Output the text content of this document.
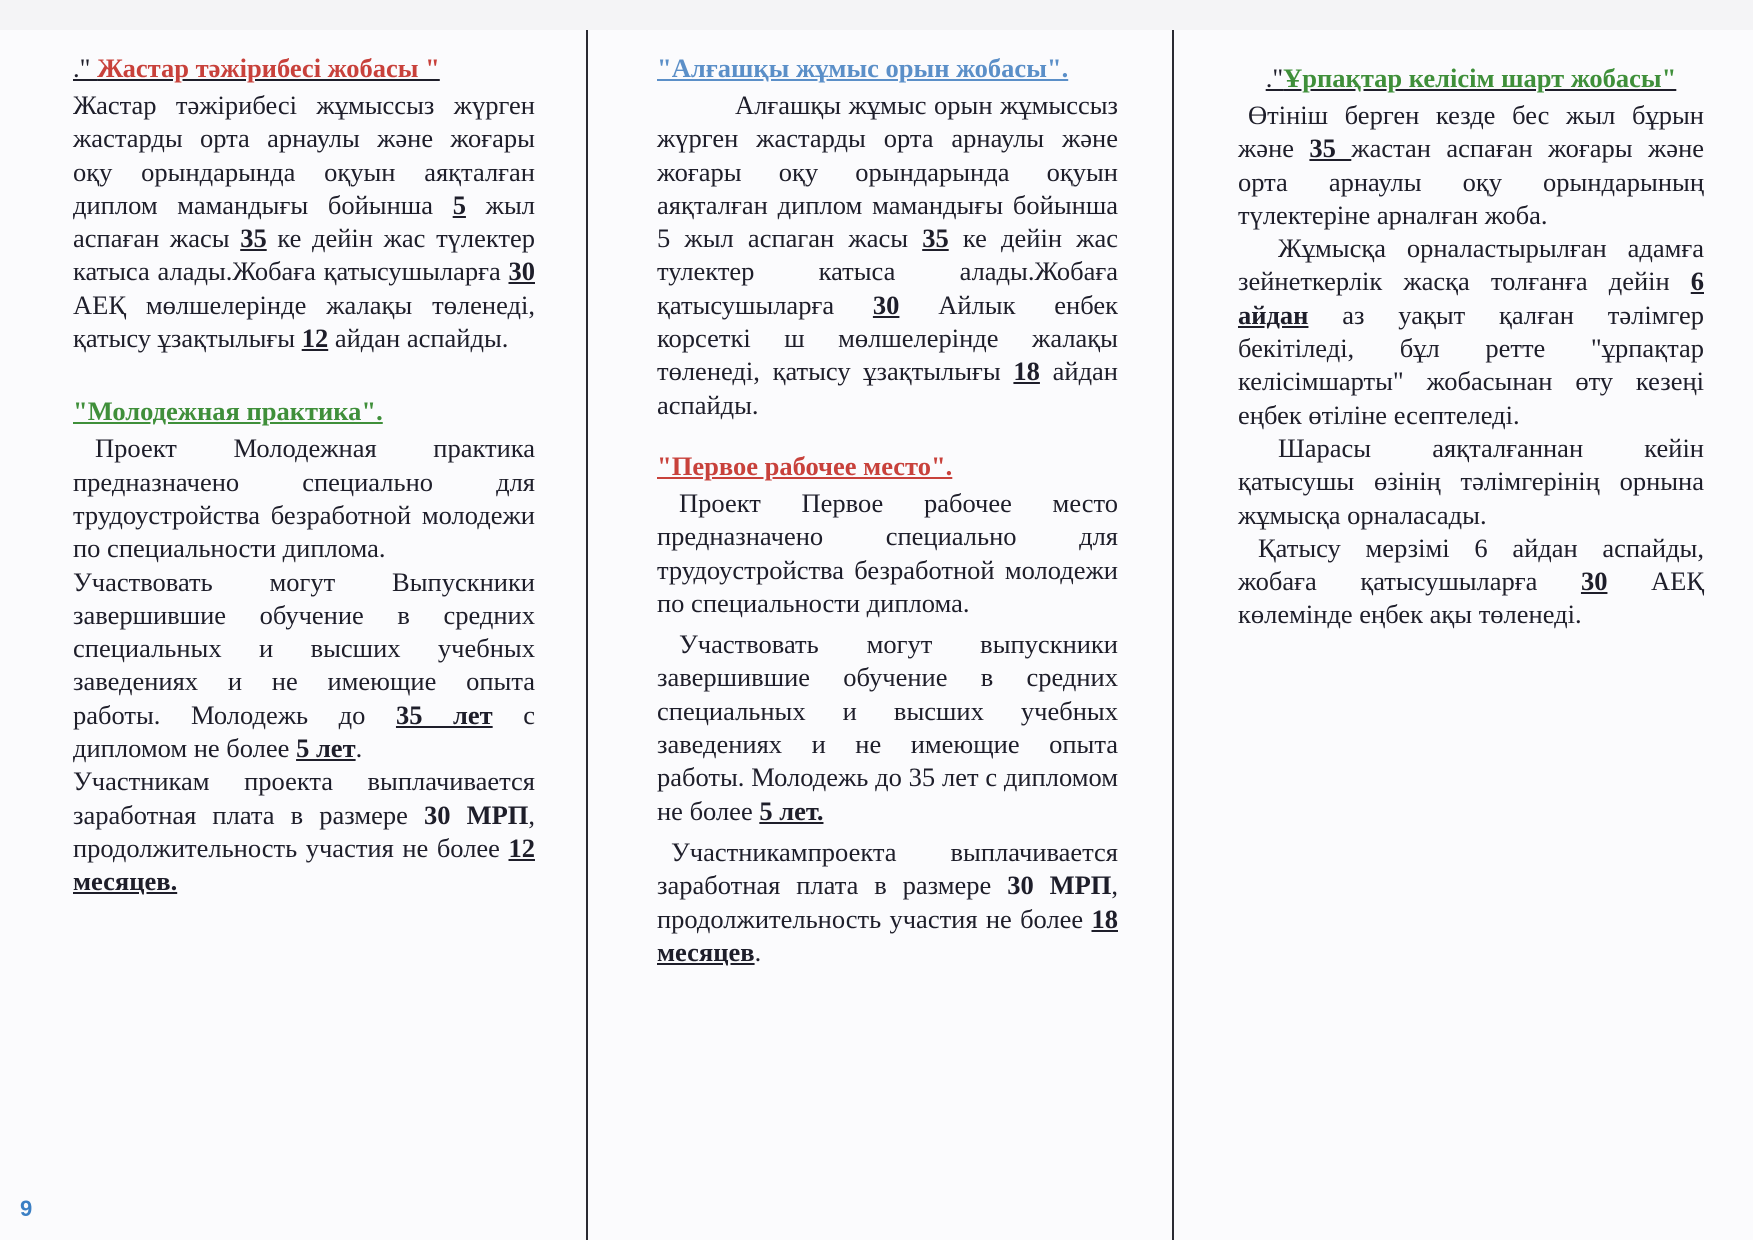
." Жастар тәжірибесі жобасы "

Жастар тәжірибесі жұмыссыз жүрген жастарды орта арнаулы және жоғары оқу орындарында оқуын аяқталған диплом мамандығы бойынша 5 жыл аспаған жасы 35 ке дейін жас түлектер катыса алады.Жобаға қатысушыларға 30 АЕҚ мөлшелерінде жалақы төленеді, қатысу ұзақтылығы 12 айдан аспайды.

"Молодежная практика".

Проект Молодежная практика предназначено специально для трудоустройства безработной молодежи по специальности диплома.

Участвовать могут Выпускники завершившие обучение в средних специальных и высших учебных заведениях и не имеющие опыта работы. Молодежь до 35 лет с дипломом не более 5 лет.

Участникам проекта выплачивается заработная плата в размере 30 МРП, продолжительность участия не более 12 месяцев.

"Алғашқы жұмыс орын жобасы".

Алғашқы жұмыс орын жұмыссыз жүрген жастарды орта арнаулы және жоғары оқу орындарында оқуын аяқталған диплом мамандығы бойынша 5 жыл аспаган жасы 35 ке дейін жас тулектер катыса алады.Жобаға қатысушыларға 30 Айлык енбек корсеткі ш мөлшелерінде жалақы төленеді, қатысу ұзақтылығы 18 айдан аспайды.

"Первое рабочее место".

Проект Первое рабочее место предназначено специально для трудоустройства безработной молодежи по специальности диплома.

Участвовать могут выпускники завершившие обучение в средних специальных и высших учебных заведениях и не имеющие опыта работы. Молодежь до 35 лет с дипломом не более 5 лет.

Участникампроекта выплачивается заработная плата в размере 30 МРП, продолжительность участия не более 18 месяцев.

."Ұрпақтар келісім шарт жобасы"

Өтініш берген кезде бес жыл бұрын және 35 жастан аспаған жоғары және орта арнаулы оқу орындарының түлектеріне арналған жоба.

Жұмысқа орналастырылған адамға зейнеткерлік жасқа толғанға дейін 6 айдан аз уақыт қалған тәлімгер бекітіледі, бұл ретте "ұрпақтар келісімшарты" жобасынан өту кезеңі еңбек өтіліне есептеледі.

Шарасы аяқталғаннан кейін қатысушы өзінің тәлімгерінің орнына жұмысқа орналасады.

Қатысу мерзімі 6 айдан аспайды, жобаға қатысушыларға 30 АЕҚ көлемінде еңбек ақы төленеді.

9
